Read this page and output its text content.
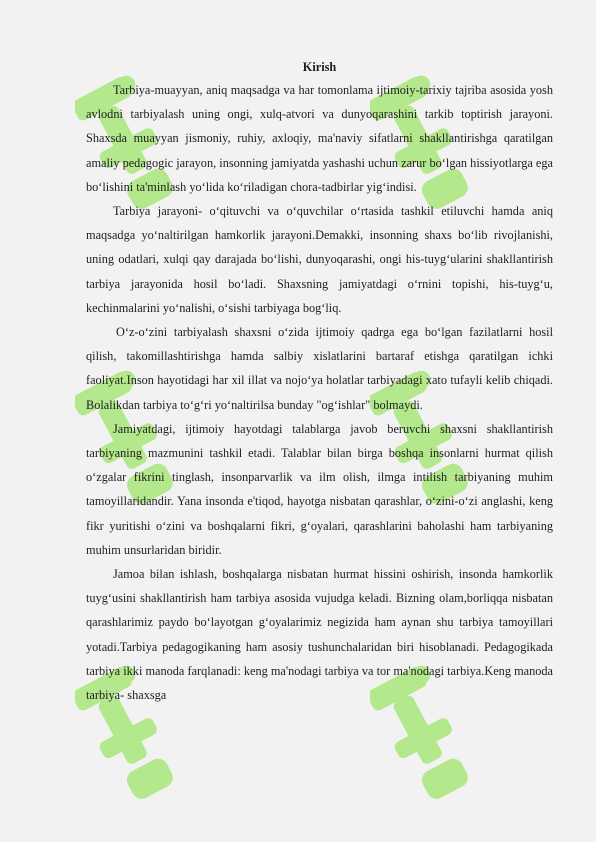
Kirish

Tarbiya-muayyan, aniq maqsadga va har tomonlama ijtimoiy-tarixiy tajriba asosida yosh avlodni tarbiyalash uning ongi, xulq-atvori va dunyoqarashini tarkib toptirish jarayoni. Shaxsda muayyan jismoniy, ruhiy, axloqiy, ma'naviy sifatlarni shakllantirishga qaratilgan amaliy pedagogic jarayon, insonning jamiyatda yashashi uchun zarur bo‘lgan hissiyotlarga ega bo‘lishini ta'minlash yo‘lida ko‘riladigan chora-tadbirlar yig‘indisi.

Tarbiya jarayoni- o‘qituvchi va o‘quvchilar o‘rtasida tashkil etiluvchi hamda aniq maqsadga yo‘naltirilgan hamkorlik jarayoni.Demakki, insonning shaxs bo‘lib rivojlanishi, uning odatlari, xulqi qay darajada bo‘lishi, dunyoqarashi, ongi his-tuyg‘ularini shakllantirish tarbiya jarayonida hosil bo‘ladi. Shaxsning jamiyatdagi o‘rnini topishi, his-tuyg‘u, kechinmalarini yo‘nalishi, o‘sishi tarbiyaga bog‘liq.

O‘z-o‘zini tarbiyalash shaxsni o‘zida ijtimoiy qadrga ega bo‘lgan fazilatlarni hosil qilish, takomillashtirishga hamda salbiy xislatlarini bartaraf etishga qaratilgan ichki faoliyat.Inson hayotidagi har xil illat va nojo‘ya holatlar tarbiyadagi xato tufayli kelib chiqadi. Bolalikdan tarbiya to‘g‘ri yo‘naltirilsa bunday "og‘ishlar" bolmaydi.

Jamiyatdagi, ijtimoiy hayotdagi talablarga javob beruvchi shaxsni shakllantirish tarbiyaning mazmunini tashkil etadi. Talablar bilan birga boshqa insonlarni hurmat qilish o‘zgalar fikrini tinglash, insonparvarlik va ilm olish, ilmga intilish tarbiyaning muhim tamoyillaridandir. Yana insonda e'tiqod, hayotga nisbatan qarashlar, o‘zini-o‘zi anglashi, keng fikr yuritishi o‘zini va boshqalarni fikri, g‘oyalari, qarashlarini baholashi ham tarbiyaning muhim unsurlaridan biridir.

Jamoa bilan ishlash, boshqalarga nisbatan hurmat hissini oshirish, insonda hamkorlik tuyg‘usini shakllantirish ham tarbiya asosida vujudga keladi. Bizning olam,borliqqa nisbatan qarashlarimiz paydo bo‘layotgan g‘oyalarimiz negizida ham aynan shu tarbiya tamoyillari yotadi.Tarbiya pedagogikaning ham asosiy tushunchalaridan biri hisoblanadi. Pedagogikada tarbiya ikki manoda farqlanadi: keng ma'nodagi tarbiya va tor ma'nodagi tarbiya.Keng manoda tarbiya- shaxsga
